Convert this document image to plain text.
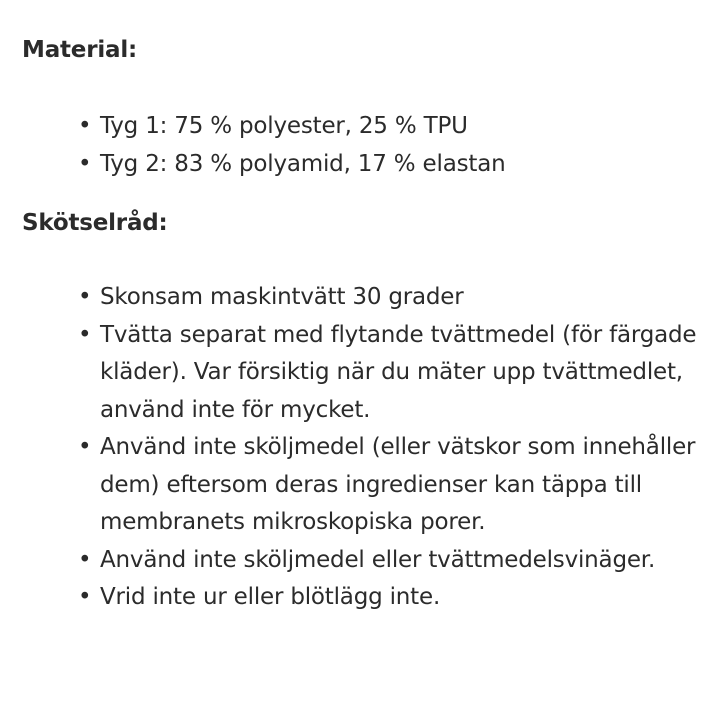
Material:
• Tyg 1: 75 % polyester, 25 % TPU
• Tyg 2: 83 % polyamid, 17 % elastan
Skötselråd:
• Skonsam maskintvätt 30 grader
• Tvätta separat med flytande tvättmedel (för färgade kläder). Var försiktig när du mäter upp tvättmedlet, använd inte för mycket.
• Använd inte sköljmedel (eller vätskor som innehåller dem) eftersom deras ingredienser kan täppa till membranets mikroskopiska porer.
• Använd inte sköljmedel eller tvättmedelsvinäger.
• Vrid inte ur eller blötlägg inte.
